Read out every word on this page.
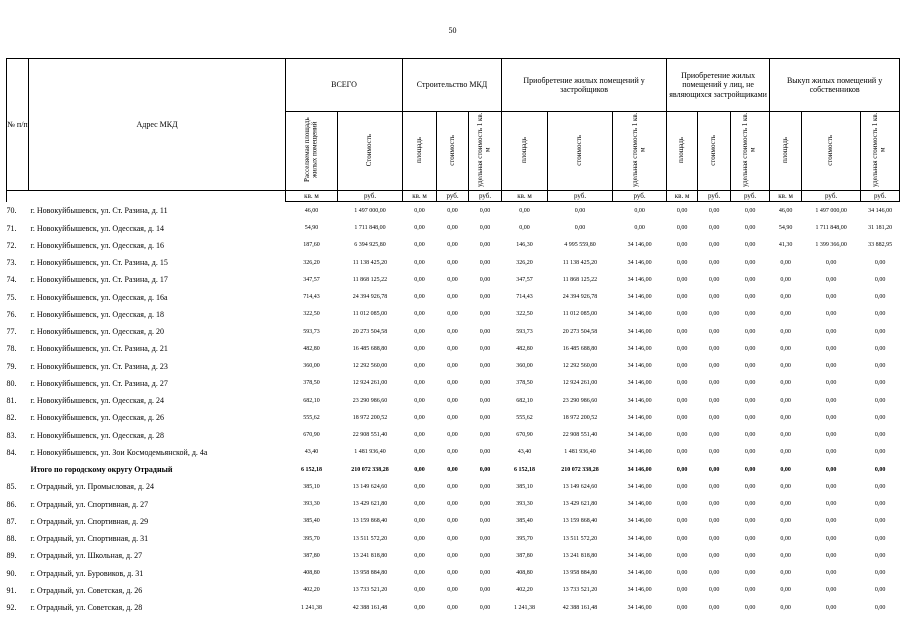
50
№ п/п	Адрес МКД	ВСЕГО		Строительство МКД			Приобретение жилых помещений у застройщиков			Приобретение жилых помещений у лиц, не являющихся застройщиками			Выкуп жилых помещений у собственников		
		Расселяемая площадь жилых помещений	Стоимость	площадь	стоимость	удельная стоимость 1 кв. м	площадь	стоимость	удельная стоимость 1 кв. м	площадь	стоимость	удельная стоимость 1 кв. м	площадь	стоимость	удельная стоимость 1 кв. м
		кв. м	руб.	кв. м	руб.	руб.	кв. м	руб.	руб.	кв. м	руб.	руб.	кв. м	руб.	руб.
70.	г. Новокуйбышевск, ул. Ст. Разина, д. 11	46,00	1 497 000,00	0,00	0,00	0,00	0,00	0,00	0,00	0,00	0,00	0,00	46,00	1 497 000,00	34 146,00
71.	г. Новокуйбышевск, ул. Одесская, д. 14	54,90	1 711 848,00	0,00	0,00	0,00	0,00	0,00	0,00	0,00	0,00	0,00	54,90	1 711 848,00	31 181,20
72.	г. Новокуйбышевск, ул. Одесская, д. 16	187,60	6 394 925,80	0,00	0,00	0,00	146,30	4 995 559,80	34 146,00	0,00	0,00	0,00	41,30	1 399 366,00	33 882,95
73.	г. Новокуйбышевск, ул. Ст. Разина, д. 15	326,20	11 138 425,20	0,00	0,00	0,00	326,20	11 138 425,20	34 146,00	0,00	0,00	0,00	0,00	0,00	0,00
74.	г. Новокуйбышевск, ул. Ст. Разина, д. 17	347,57	11 868 125,22	0,00	0,00	0,00	347,57	11 868 125,22	34 146,00	0,00	0,00	0,00	0,00	0,00	0,00
75.	г. Новокуйбышевск, ул. Одесская, д. 16а	714,43	24 394 926,78	0,00	0,00	0,00	714,43	24 394 926,78	34 146,00	0,00	0,00	0,00	0,00	0,00	0,00
76.	г. Новокуйбышевск, ул. Одесская, д. 18	322,50	11 012 085,00	0,00	0,00	0,00	322,50	11 012 085,00	34 146,00	0,00	0,00	0,00	0,00	0,00	0,00
77.	г. Новокуйбышевск, ул. Одесская, д. 20	593,73	20 273 504,58	0,00	0,00	0,00	593,73	20 273 504,58	34 146,00	0,00	0,00	0,00	0,00	0,00	0,00
78.	г. Новокуйбышевск, ул. Ст. Разина, д. 21	482,80	16 485 688,80	0,00	0,00	0,00	482,80	16 485 688,80	34 146,00	0,00	0,00	0,00	0,00	0,00	0,00
79.	г. Новокуйбышевск, ул. Ст. Разина, д. 23	360,00	12 292 560,00	0,00	0,00	0,00	360,00	12 292 560,00	34 146,00	0,00	0,00	0,00	0,00	0,00	0,00
80.	г. Новокуйбышевск, ул. Ст. Разина, д. 27	378,50	12 924 261,00	0,00	0,00	0,00	378,50	12 924 261,00	34 146,00	0,00	0,00	0,00	0,00	0,00	0,00
81.	г. Новокуйбышевск, ул. Одесская, д. 24	682,10	23 290 986,60	0,00	0,00	0,00	682,10	23 290 986,60	34 146,00	0,00	0,00	0,00	0,00	0,00	0,00
82.	г. Новокуйбышевск, ул. Одесская, д. 26	555,62	18 972 200,52	0,00	0,00	0,00	555,62	18 972 200,52	34 146,00	0,00	0,00	0,00	0,00	0,00	0,00
83.	г. Новокуйбышевск, ул. Одесская, д. 28	670,90	22 908 551,40	0,00	0,00	0,00	670,90	22 908 551,40	34 146,00	0,00	0,00	0,00	0,00	0,00	0,00
84.	г. Новокуйбышевск, ул. Зои Космодемьянской, д. 4а	43,40	1 481 936,40	0,00	0,00	0,00	43,40	1 481 936,40	34 146,00	0,00	0,00	0,00	0,00	0,00	0,00
	Итого по городскому округу Отрадный	6 152,18	210 072 338,28	0,00	0,00	0,00	6 152,18	210 072 338,28	34 146,00	0,00	0,00	0,00	0,00	0,00	0,00
85.	г. Отрадный, ул. Промысловая, д. 24	385,10	13 149 624,60	0,00	0,00	0,00	385,10	13 149 624,60	34 146,00	0,00	0,00	0,00	0,00	0,00	0,00
86.	г. Отрадный, ул. Спортивная, д. 27	393,30	13 429 621,80	0,00	0,00	0,00	393,30	13 429 621,80	34 146,00	0,00	0,00	0,00	0,00	0,00	0,00
87.	г. Отрадный, ул. Спортивная, д. 29	385,40	13 159 868,40	0,00	0,00	0,00	385,40	13 159 868,40	34 146,00	0,00	0,00	0,00	0,00	0,00	0,00
88.	г. Отрадный, ул. Спортивная, д. 31	395,70	13 511 572,20	0,00	0,00	0,00	395,70	13 511 572,20	34 146,00	0,00	0,00	0,00	0,00	0,00	0,00
89.	г. Отрадный, ул. Школьная, д. 27	387,80	13 241 818,80	0,00	0,00	0,00	387,80	13 241 818,80	34 146,00	0,00	0,00	0,00	0,00	0,00	0,00
90.	г. Отрадный, ул. Буровиков, д. 31	408,80	13 958 884,80	0,00	0,00	0,00	408,80	13 958 884,80	34 146,00	0,00	0,00	0,00	0,00	0,00	0,00
91.	г. Отрадный, ул. Советская, д. 26	402,20	13 733 521,20	0,00	0,00	0,00	402,20	13 733 521,20	34 146,00	0,00	0,00	0,00	0,00	0,00	0,00
92.	г. Отрадный, ул. Советская, д. 28	1 241,38	42 388 161,48	0,00	0,00	0,00	1 241,38	42 388 161,48	34 146,00	0,00	0,00	0,00	0,00	0,00	0,00
